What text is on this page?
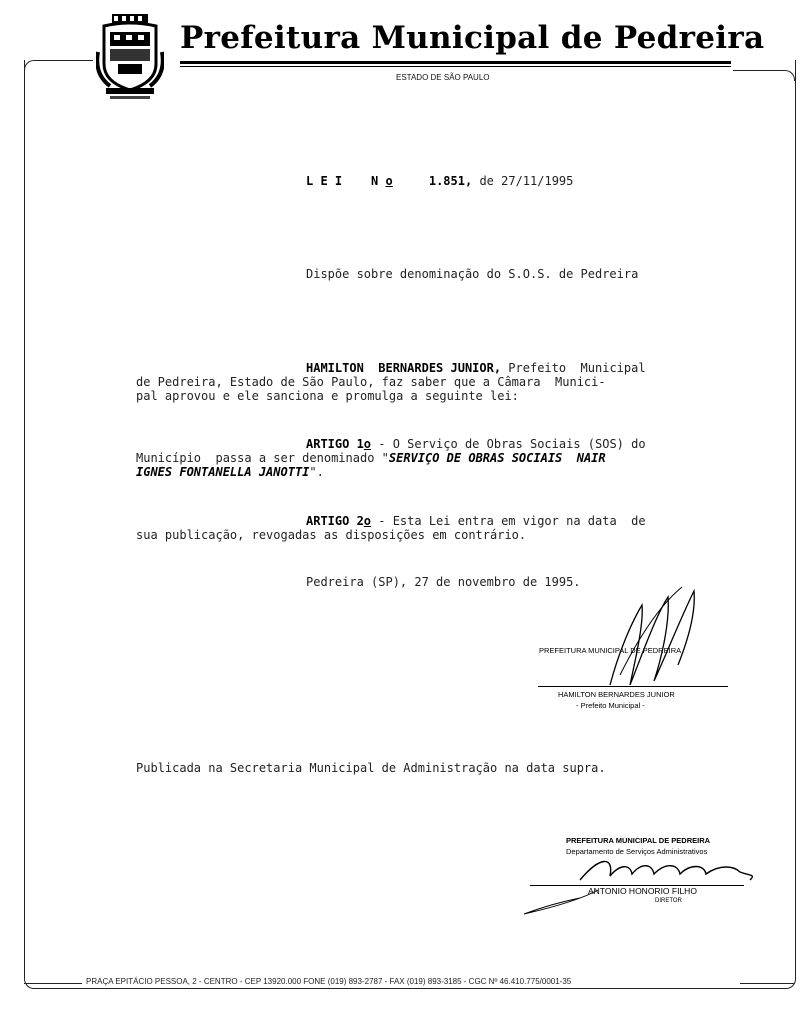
Prefeitura Municipal de Pedreira
ESTADO DE SÃO PAULO
L E I N o	1.851, de 27/11/1995
Dispõe sobre denominação do S.O.S. de Pedreira
HAMILTON  BERNARDES JUNIOR, Prefeito  Municipal
de Pedreira, Estado de São Paulo, faz saber que a Câmara  Munici-
pal aprovou e ele sanciona e promulga a seguinte lei:
ARTIGO 1o - O Serviço de Obras Sociais (SOS) do
Município  passa a ser denominado "SERVIÇO DE OBRAS SOCIAIS  NAIR
IGNES FONTANELLA JANOTTI".
ARTIGO 2o - Esta Lei entra em vigor na data  de
sua publicação, revogadas as disposições em contrário.
Pedreira (SP), 27 de novembro de 1995.
PREFEITURA MUNICIPAL DE PEDREIRA
HAMILTON BERNARDES JUNIOR
- Prefeito Municipal -
Publicada na Secretaria Municipal de Administração na data supra.
PREFEITURA MUNICIPAL DE PEDREIRA
Departamento de Serviços Administrativos
ANTONIO HONORIO FILHO
DIRETOR
PRAÇA EPITÁCIO PESSOA, 2 - CENTRO - CEP 13920.000 FONE (019) 893-2787 - FAX (019) 893-3185 - CGC Nº 46.410.775/0001-35
